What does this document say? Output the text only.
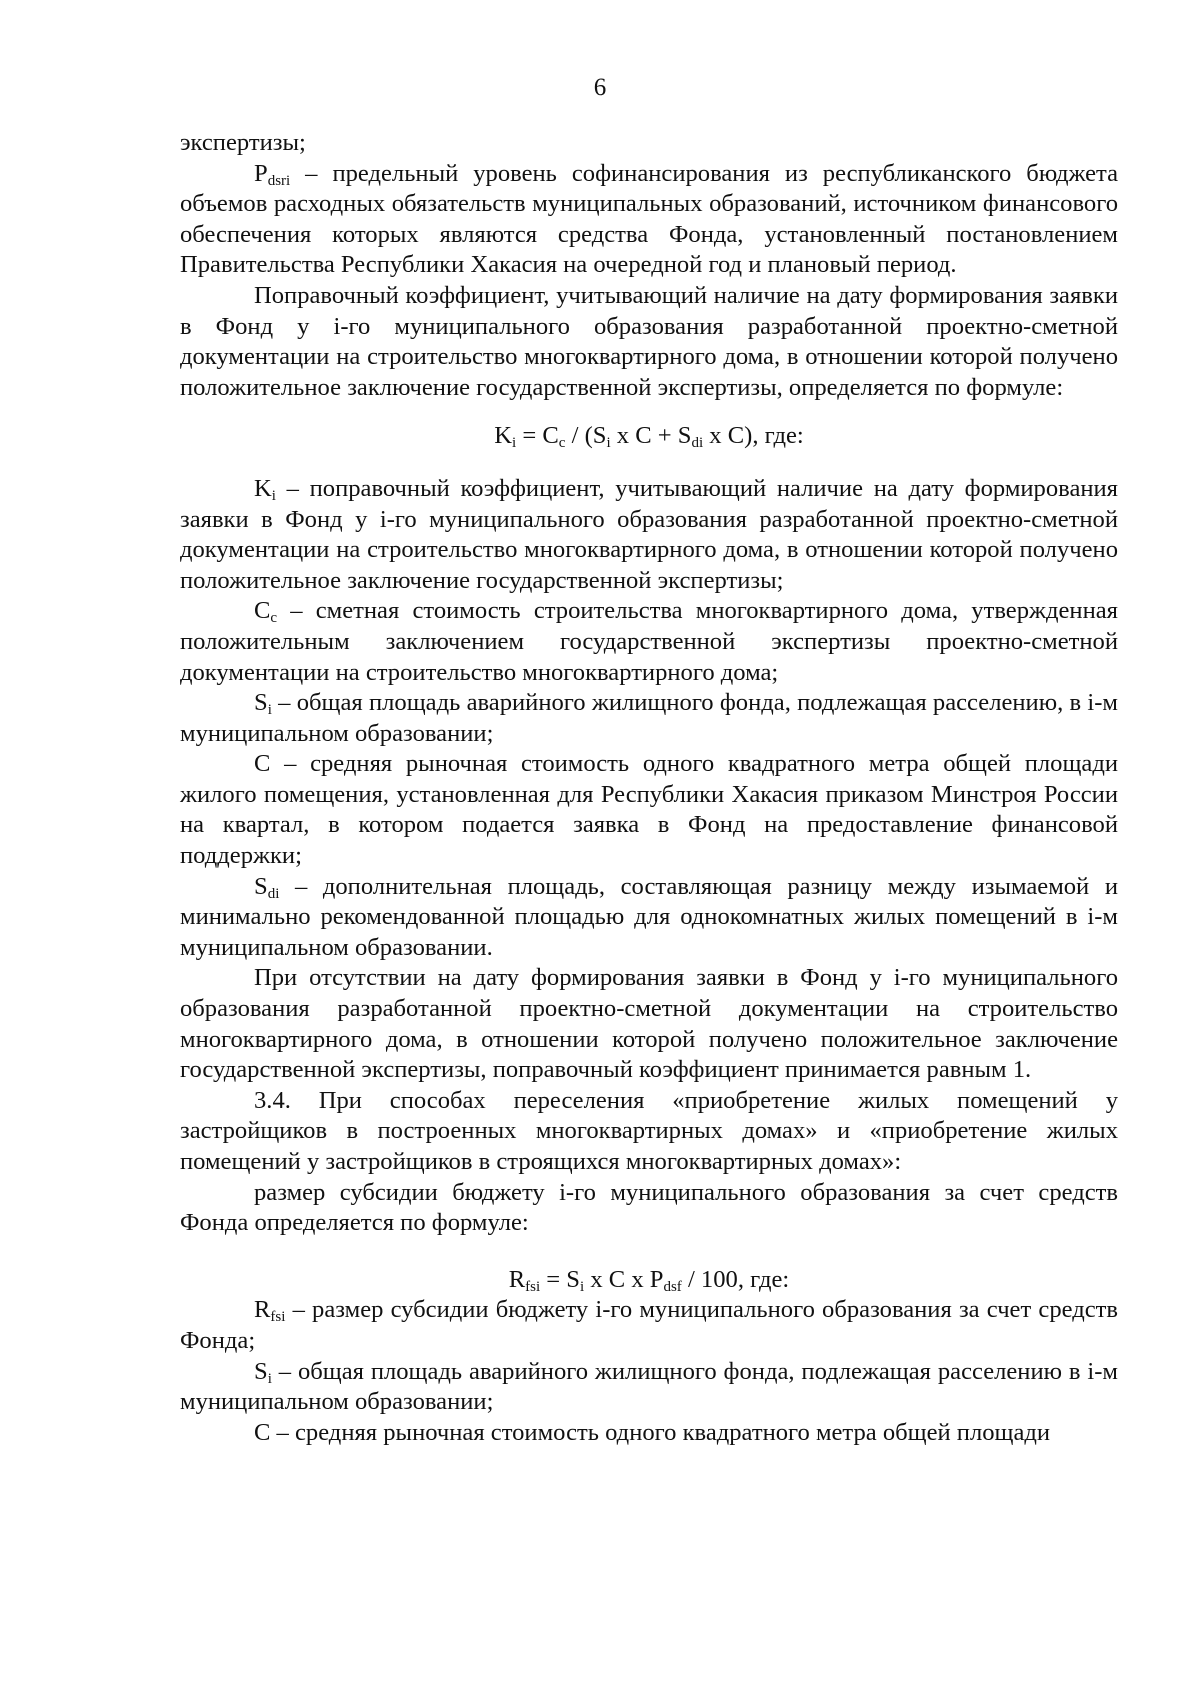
6

экспертизы;

$P_{dsri}$ – предельный уровень софинансирования из республиканского бюджета объемов расходных обязательств муниципальных образований, источником финансового обеспечения которых являются средства Фонда, установленный постановлением Правительства Республики Хакасия на очередной год и плановый период.

Поправочный коэффициент, учитывающий наличие на дату формирования заявки в Фонд у i-го муниципального образования разработанной проектно-сметной документации на строительство многоквартирного дома, в отношении которой получено положительное заключение государственной экспертизы, определяется по формуле:

$K_i = C_c / (S_i$ x $C + S_{di}$ x C), где:

$K_i$ – поправочный коэффициент, учитывающий наличие на дату формирования заявки в Фонд у i-го муниципального образования разработанной проектно-сметной документации на строительство многоквартирного дома, в отношении которой получено положительное заключение государственной экспертизы;

$C_c$ – сметная стоимость строительства многоквартирного дома, утвержденная положительным заключением государственной экспертизы проектно-сметной документации на строительство многоквартирного дома;

$S_i$ – общая площадь аварийного жилищного фонда, подлежащая расселению, в i-м муниципальном образовании;

C – средняя рыночная стоимость одного квадратного метра общей площади жилого помещения, установленная для Республики Хакасия приказом Минстроя России на квартал, в котором подается заявка в Фонд на предоставление финансовой поддержки;

$S_{di}$ – дополнительная площадь, составляющая разницу между изымаемой и минимально рекомендованной площадью для однокомнатных жилых помещений в i-м муниципальном образовании.

При отсутствии на дату формирования заявки в Фонд у i-го муниципального образования разработанной проектно-сметной документации на строительство многоквартирного дома, в отношении которой получено положительное заключение государственной экспертизы, поправочный коэффициент принимается равным 1.

3.4. При способах переселения «приобретение жилых помещений у застройщиков в построенных многоквартирных домах» и «приобретение жилых помещений у застройщиков в строящихся многоквартирных домах»:

размер субсидии бюджету i-го муниципального образования за счет средств Фонда определяется по формуле:

$R_{fsi} = S_i$ x C x $P_{dsf} / 100$, где:

$R_{fsi}$ – размер субсидии бюджету i-го муниципального образования за счет средств Фонда;

$S_i$ – общая площадь аварийного жилищного фонда, подлежащая расселению в i-м муниципальном образовании;

C – средняя рыночная стоимость одного квадратного метра общей площади
